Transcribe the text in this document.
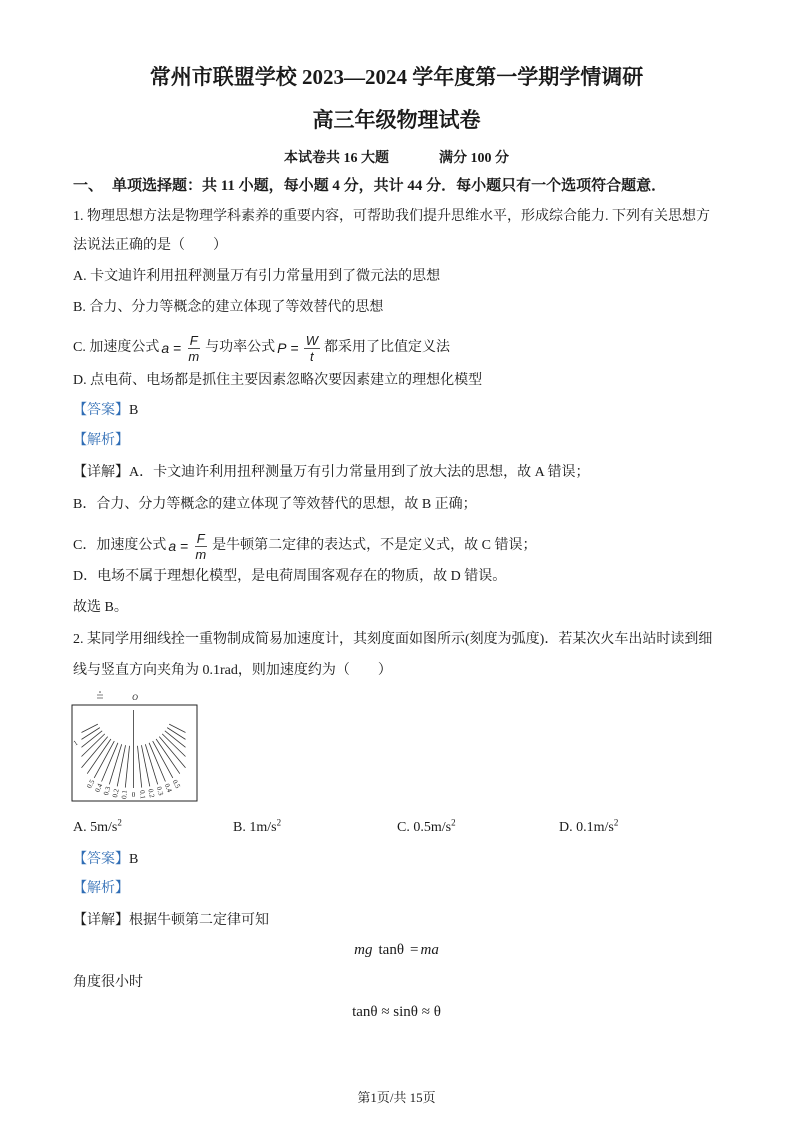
常州市联盟学校 2023—2024 学年度第一学期学情调研
高三年级物理试卷
本试卷共 16 大题	满分 100 分
一、 单项选择题：共 11 小题，每小题 4 分，共计 44 分．每小题只有一个选项符合题意．
1. 物理思想方法是物理学科素养的重要内容，可帮助我们提升思维水平，形成综合能力. 下列有关思想方
法说法正确的是（　　）
A. 卡文迪许利用扭秤测量万有引力常量用到了微元法的思想
B. 合力、分力等概念的建立体现了等效替代的思想
C. 加速度公式 $a = \frac{F}{m}$ 与功率公式 $P = \frac{W}{t}$ 都采用了比值定义法
D. 点电荷、电场都是抓住主要因素忽略次要因素建立的理想化模型
【答案】B
【解析】
【详解】A．卡文迪许利用扭秤测量万有引力常量用到了放大法的思想，故 A 错误；
B．合力、分力等概念的建立体现了等效替代的思想，故 B 正确；
C．加速度公式 $a = \frac{F}{m}$ 是牛顿第二定律的表达式，不是定义式，故 C 错误；
D．电场不属于理想化模型，是电荷周围客观存在的物质，故 D 错误。
故选 B。
2. 某同学用细线拴一重物制成简易加速度计，其刻度面如图所示(刻度为弧度)．若某次火车出站时读到细
线与竖直方向夹角为 0.1rad，则加速度约为（　　）
O
0.5
0.4
0.3
0.2 0.1 0 0.1 0.2
0.3
0.4
0.5
1
A. $5m/s^2$	B. $1m/s^2$	C. $0.5m/s^2$	D. $0.1m/s^2$
【答案】B
【解析】
【详解】根据牛顿第二定律可知
mg tanθ = ma
角度很小时
tanθ ≈ sinθ ≈ θ
第1页/共 15页
